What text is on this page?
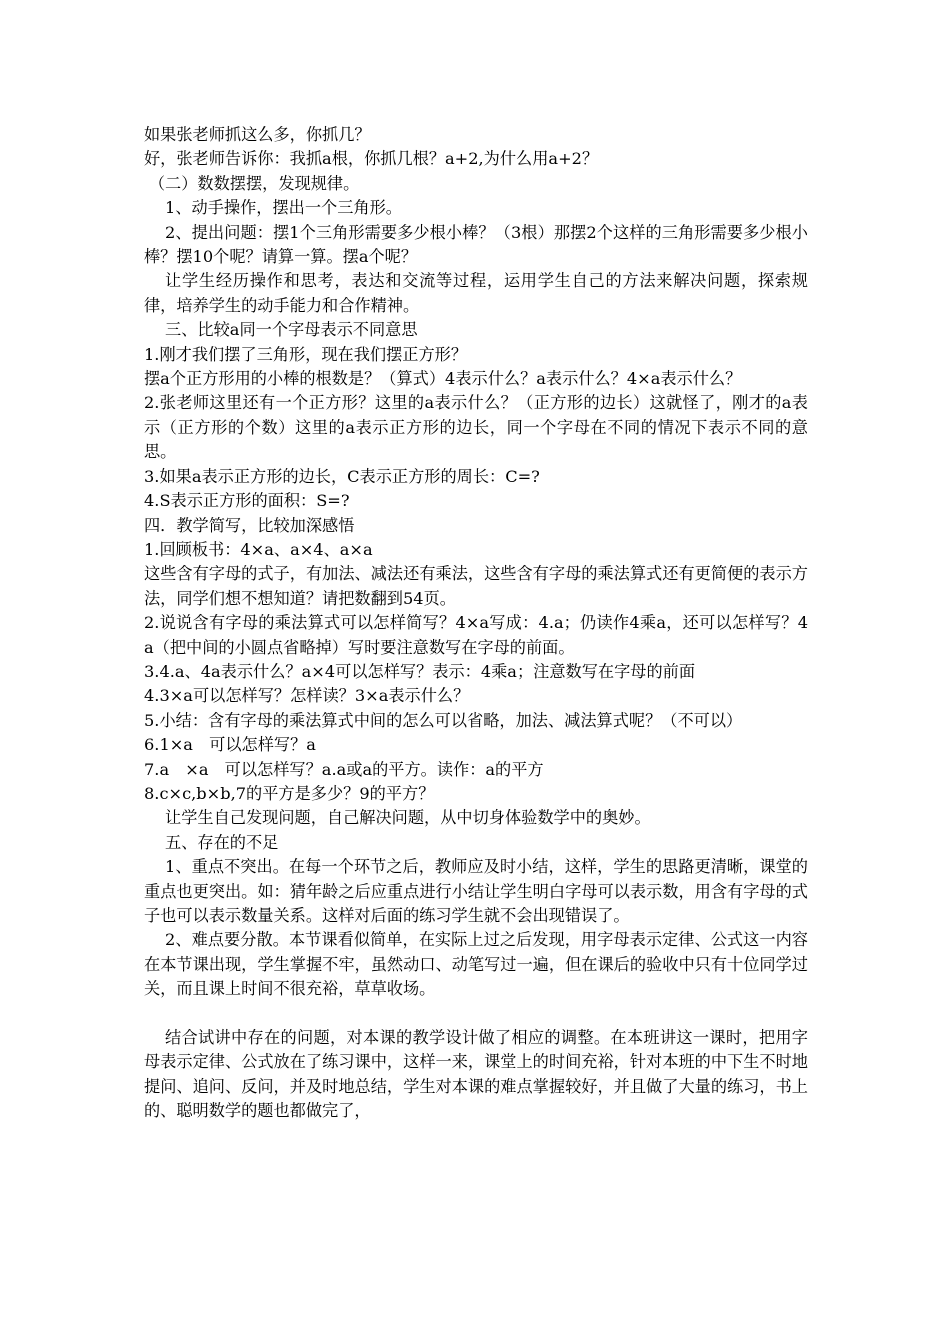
如果张老师抓这么多，你抓几？

好，张老师告诉你：我抓a根，你抓几根？a+2,为什么用a+2？

（二）数数摆摆，发现规律。

1、动手操作，摆出一个三角形。

2、提出问题：摆1个三角形需要多少根小棒？（3根）那摆2个这样的三角形需要多少根小棒？摆10个呢？请算一算。摆a个呢？

让学生经历操作和思考，表达和交流等过程，运用学生自己的方法来解决问题，探索规律，培养学生的动手能力和合作精神。

三、比较a同一个字母表示不同意思

1.刚才我们摆了三角形，现在我们摆正方形？

摆a个正方形用的小棒的根数是？（算式）4表示什么？a表示什么？4×a表示什么？

2.张老师这里还有一个正方形？这里的a表示什么？（正方形的边长）这就怪了，刚才的a表示（正方形的个数）这里的a表示正方形的边长，同一个字母在不同的情况下表示不同的意思。

3.如果a表示正方形的边长，C表示正方形的周长：C=?

4.S表示正方形的面积：S=?

四．教学简写，比较加深感悟

1.回顾板书：4×a、a×4、a×a

这些含有字母的式子，有加法、减法还有乘法，这些含有字母的乘法算式还有更简便的表示方法，同学们想不想知道？请把数翻到54页。

2.说说含有字母的乘法算式可以怎样简写？4×a写成：4.a；仍读作4乘a，还可以怎样写？4a（把中间的小圆点省略掉）写时要注意数写在字母的前面。

3.4.a、4a表示什么？a×4可以怎样写？表示：4乘a；注意数写在字母的前面

4.3×a可以怎样写？怎样读？3×a表示什么？

5.小结：含有字母的乘法算式中间的怎么可以省略，加法、减法算式呢？（不可以）

6.1×a　可以怎样写？a

7.a　×a　可以怎样写？a.a或a的平方。读作：a的平方

8.c×c,b×b,7的平方是多少？9的平方？

让学生自己发现问题，自己解决问题，从中切身体验数学中的奥妙。

五、存在的不足

1、重点不突出。在每一个环节之后，教师应及时小结，这样，学生的思路更清晰，课堂的重点也更突出。如：猜年龄之后应重点进行小结让学生明白字母可以表示数，用含有字母的式子也可以表示数量关系。这样对后面的练习学生就不会出现错误了。

2、难点要分散。本节课看似简单，在实际上过之后发现，用字母表示定律、公式这一内容在本节课出现，学生掌握不牢，虽然动口、动笔写过一遍，但在课后的验收中只有十位同学过关，而且课上时间不很充裕，草草收场。

结合试讲中存在的问题，对本课的教学设计做了相应的调整。在本班讲这一课时，把用字母表示定律、公式放在了练习课中，这样一来，课堂上的时间充裕，针对本班的中下生不时地提问、追问、反问，并及时地总结，学生对本课的难点掌握较好，并且做了大量的练习，书上的、聪明数学的题也都做完了，
